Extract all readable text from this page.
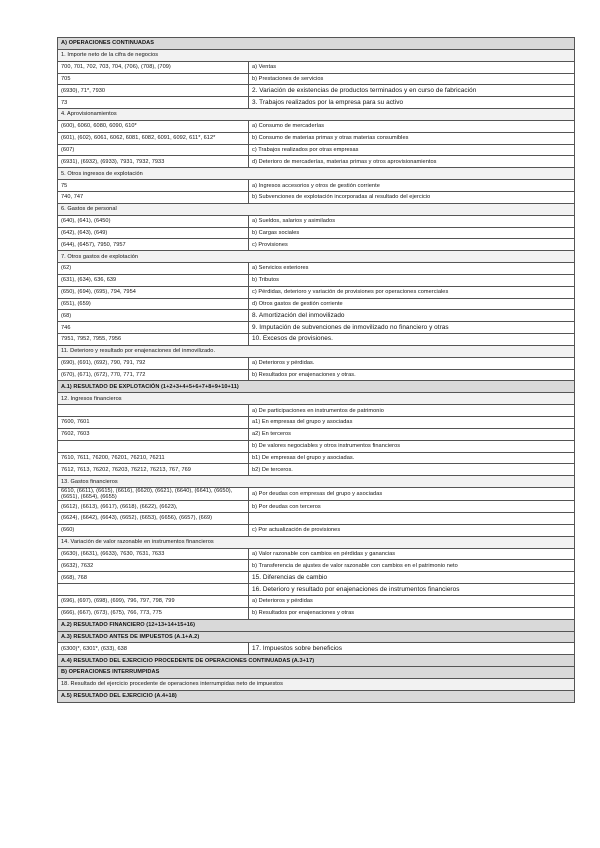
A) OPERACIONES CONTINUADAS	
1. Importe neto de la cifra de negocios	
700, 701, 702, 703, 704, (706), (708), (709)	a) Ventas
705	b) Prestaciones de servicios
(6930), 71*, 7930	2. Variación de existencias de productos terminados y en curso de fabricación
73	3. Trabajos realizados por la empresa para su activo
4. Aprovisionamientos	
(600), 6060, 6080, 6090, 610*	a) Consumo de mercaderías
(601), (602), 6061, 6062, 6081, 6082, 6091, 6092, 611*, 612*	b) Consumo de materias primas y otras materias consumibles
(607)	c) Trabajos realizados por otras empresas
(6931), (6932), (6933), 7931, 7932, 7933	d) Deterioro de mercaderías, materias primas y otros aprovisionamientos
5. Otros ingresos de explotación	
75	a) Ingresos accesorios y otros de gestión corriente
740, 747	b) Subvenciones de explotación incorporadas al resultado del ejercicio
6. Gastos de personal	
(640), (641), (6450)	a) Sueldos, salarios y asimilados
(642), (643), (649)	b) Cargas sociales
(644), (6457), 7950, 7957	c) Provisiones
7. Otros gastos de explotación	
(62)	a) Servicios exteriores
(631), (634), 636, 639	b) Tributos
(650), (694), (695), 794, 7954	c) Pérdidas, deterioro y variación de provisiones por operaciones comerciales
(651), (659)	d) Otros gastos de gestión corriente
(68)	8. Amortización del inmovilizado
746	9. Imputación de subvenciones de inmovilizado no financiero y otras
7951, 7952, 7955, 7956	10. Excesos de provisiones.
11. Deterioro y resultado por enajenaciones del inmovilizado.	
(690), (691), (692), 790, 791, 792	a) Deterioros y pérdidas.
(670), (671), (672), 770, 771, 772	b) Resultados por enajenaciones y otras.
A.1) RESULTADO DE EXPLOTACIÓN (1+2+3+4+5+6+7+8+9+10+11)	
12. Ingresos financieros	
	a) De participaciones en instrumentos de patrimonio
7600, 7601	a1) En empresas del grupo y asociadas
7602, 7603	a2) En terceros
	b) De valores negociables y otros instrumentos financieros
7610, 7611, 76200, 76201, 76210, 76211	b1) De empresas del grupo y asociadas.
7612, 7613, 76202, 76203, 76212, 76213, 767, 769	b2) De terceros.
13. Gastos financieros	
6610, (6611), (6615), (6616), (6620), (6621), (6640), (6641), (6650), (6651), (6654), (6655)	a) Por deudas con empresas del grupo y asociadas
(6612), (6613), (6617), (6618), (6622), (6623),	b) Por deudas con terceros
(6624), (6642), (6643), (6652), (6653), (6656), (6657), (669)	
(660)	c) Por actualización de provisiones
14. Variación de valor razonable en instrumentos financieros	
(6630), (6631), (6633), 7630, 7631, 7633	a) Valor razonable con cambios en pérdidas y ganancias
(6632), 7632	b) Transferencia de ajustes de valor razonable con cambios en el patrimonio neto
(668), 768	15. Diferencias de cambio
	16. Deterioro y resultado por enajenaciones de instrumentos financieros
(696), (697), (698), (699), 796, 797, 798, 799	a) Deterioros y pérdidas
(666), (667), (673), (675), 766, 773, 775	b) Resultados por enajenaciones y otras
A.2) RESULTADO FINANCIERO (12+13+14+15+16)	
A.3) RESULTADO ANTES DE IMPUESTOS (A.1+A.2)	
(6300)*, 6301*, (633), 638	17. Impuestos sobre beneficios
A.4) RESULTADO DEL EJERCICIO PROCEDENTE DE OPERACIONES CONTINUADAS (A.3+17)	
B) OPERACIONES INTERRUMPIDAS	
18. Resultado del ejercicio procedente de operaciones interrumpidas neto de impuestos	
A.5) RESULTADO DEL EJERCICIO (A.4+18)	
